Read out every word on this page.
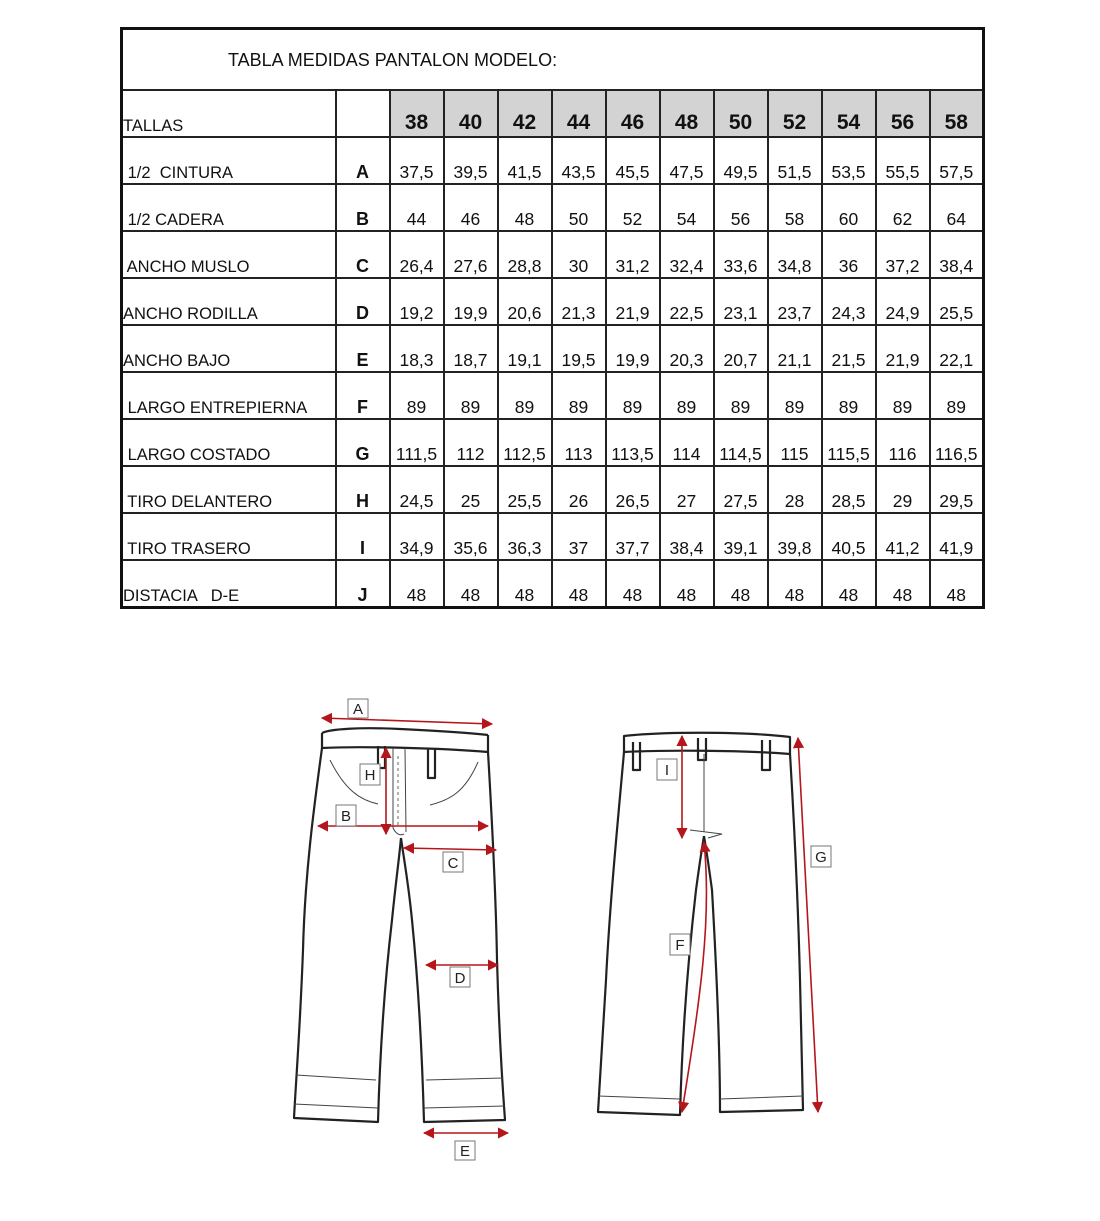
TABLA MEDIDAS PANTALON MODELO:												
TALLAS		38	40	42	44	46	48	50	52	54	56	58
1/2  CINTURA	A	37,5	39,5	41,5	43,5	45,5	47,5	49,5	51,5	53,5	55,5	57,5
1/2 CADERA	B	44	46	48	50	52	54	56	58	60	62	64
ANCHO MUSLO	C	26,4	27,6	28,8	30	31,2	32,4	33,6	34,8	36	37,2	38,4
ANCHO RODILLA	D	19,2	19,9	20,6	21,3	21,9	22,5	23,1	23,7	24,3	24,9	25,5
ANCHO BAJO	E	18,3	18,7	19,1	19,5	19,9	20,3	20,7	21,1	21,5	21,9	22,1
LARGO ENTREPIERNA	F	89	89	89	89	89	89	89	89	89	89	89
LARGO COSTADO	G	111,5	112	112,5	113	113,5	114	114,5	115	115,5	116	116,5
TIRO DELANTERO	H	24,5	25	25,5	26	26,5	27	27,5	28	28,5	29	29,5
TIRO TRASERO	I	34,9	35,6	36,3	37	37,7	38,4	39,1	39,8	40,5	41,2	41,9
DISTACIA   D-E	J	48	48	48	48	48	48	48	48	48	48	48
A
H
B
C
D
E
I
F
G
